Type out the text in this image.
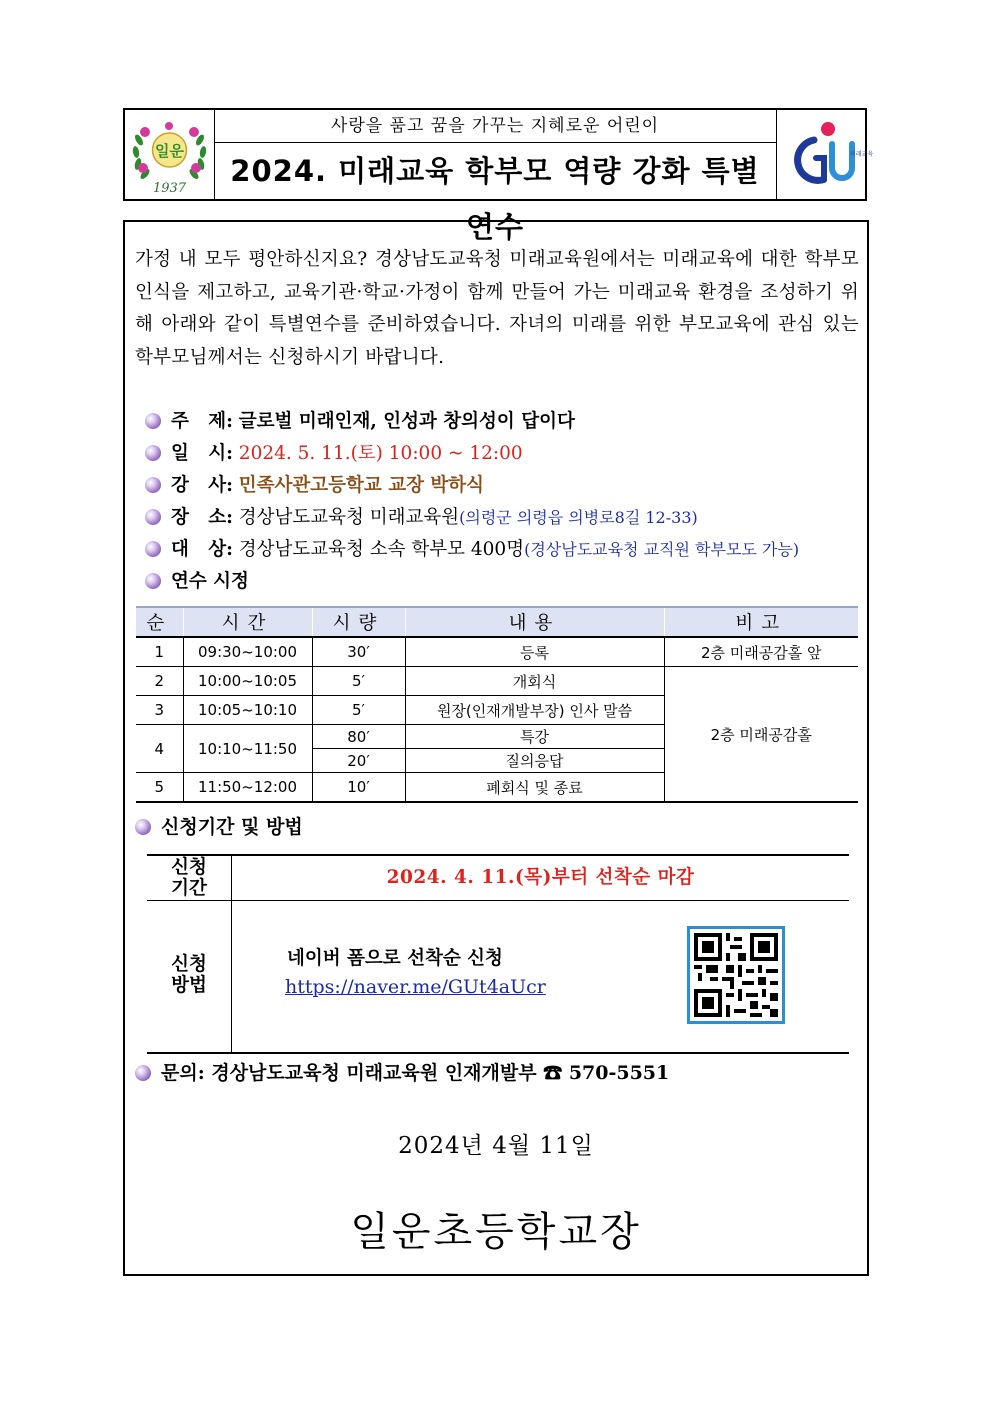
일운
1937
사랑을 품고 꿈을 가꾸는 지혜로운 어린이
2024. 미래교육 학부모 역량 강화 특별 연수
미래교육
가정 내 모두 평안하신지요? 경상남도교육청 미래교육원에서는 미래교육에 대한 학부모 인식을 제고하고, 교육기관·학교·가정이 함께 만들어 가는 미래교육 환경을 조성하기 위해 아래와 같이 특별연수를 준비하였습니다. 자녀의 미래를 위한 부모교육에 관심 있는 학부모님께서는 신청하시기 바랍니다.
주   제: 글로벌 미래인재, 인성과 창의성이 답이다
일   시: 2024. 5. 11.(토) 10:00 ~ 12:00
강   사: 민족사관고등학교 교장 박하식
장   소: 경상남도교육청 미래교육원(의령군 의령읍 의병로8길 12-33)
대   상: 경상남도교육청 소속 학부모 400명(경상남도교육청 교직원 학부모도 가능)
연수 시정
순	시간	시량	내용	비고
1	09:30~10:00	30′	등록	2층 미래공감홀 앞
2	10:00~10:05	5′	개회식	2층 미래공감홀
3	10:05~10:10	5′	원장(인재개발부장) 인사 말씀	
4	10:10~11:50	80′	특강	
		20′	질의응답	
5	11:50~12:00	10′	폐회식 및 종료	
신청기간 및 방법
신청
기간
2024. 4. 11.(목)부터 선착순 마감
신청
방법
네이버 폼으로 선착순 신청
https://naver.me/GUt4aUcr
문의: 경상남도교육청 미래교육원 인재개발부 ☎ 570-5551
2024년 4월 11일
일운초등학교장
